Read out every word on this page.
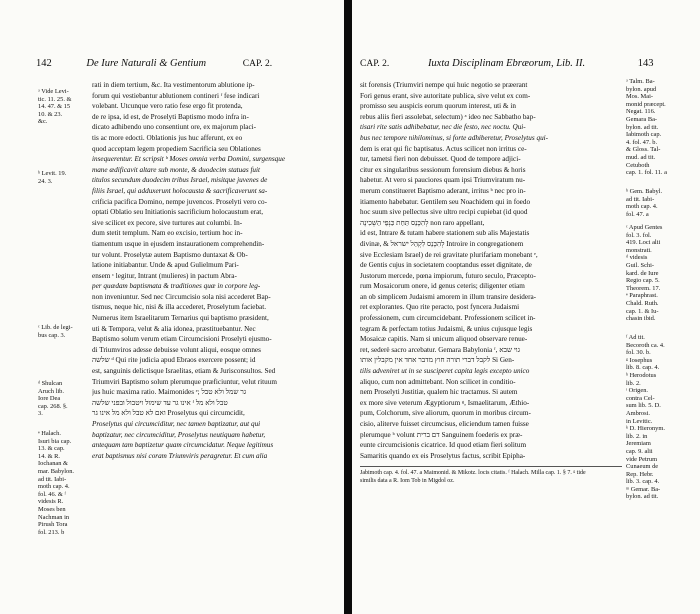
142	De Iure Naturali & Gentium	CAP. 2.
ᵃ Vide Levi-
tic. 11. 25. &
14. 47. & 15
10. & 23.
&c.
ᵇ Levit. 19.
24. 3.
ᶜ Lib. de legi-
bus cap. 3.
ᵈ Shulcan
Aruch lib.
Iore Dea
cap. 268. §.
3.
ᵉ Halach.
Isuri bia cap.
13. & cap.
14. & R.
Iochanan &
mar. Babylon.
ad tit. Iabi-
moth cap. 4.
fol. 46. & ᶠ
videsis R.
Moses ben
Nachman in
Pirush Tora
fol. 213. b
rati in diem tertium, &c. Ita vestimentorum ablutione ip-
forum qui vestiebantur ablutionem contineri ᶠ fese indicari
volebant. Utcunque vero ratio fese ergo fit protenda,
de re ipsa, id est, de Proselyti Baptismo modo infra in-
dicato adhibendo uno consentiunt ore, ex majorum placi-
tis ac more edocti. Oblationis jus huc afferunt, ex eo
quod acceptam legem propediem Sacrificia seu Oblationes
insequerentur. Et scripsit ᵇ Moses omnia verba Domini, surgensque
mane ædificavit altare sub monte, & duodecim statuas fuit
titulos secundum duodecim tribus Israel, misitque juvenes de
filiis Israel, qui adduxerunt holocausta & sacrificaverunt sa-
crificia pacifica Domino, nempe juvencos. Proselyti vero co-
optati Oblatio seu Initiationis sacrificium holocaustum erat,
sive scilicet ex pecore, sive turtures aut columbi. In-
dum stetit templum. Nam eo excisio, tertium hoc in-
tiamentum usque in ejusdem instaurationem comprehendin-
tur volunt. Proselytæ autem Baptismo duntaxat & Ob-
latione initiabantur. Unde & apud Gulielmum Pari-
ensem ᶜ legitur, Intrant (mulieres) in pactum Abra-
per quædam baptismata & traditiones quæ in corpore leg-
non inveniuntur. Sed nec Circumcisio sola nisi accederet Bap-
tismus, neque hic, nisi & illa accederet, Proselytum faciebat.
Numerus item Israelitarum Ternarius qui baptismo præsident,
uti & Tempora, velut & alia idonea, præstituebantur. Nec
Baptismo solum verum etiam Circumcisioni Proselyti ejusmo-
di Triumviros adesse debuisse volunt aliqui, eosque omnes
שלשה ᵈ Qui rite judicia apud Ebraos exercere possent; id
est, sanguinis delictisque Israelitas, etiam & Jurisconsultos. Sed
Triumviri Baptismo solum plerumque præficiuntur, velut rituum
jus huic maxima ratio. Maimonides ᵉ; גר שמל ולא טבל
אינו גר עד שימול ויטבול ובפני שלשה ᶠ טבל ולא מל
ואם לא טבל ולא מל אינו גר Proselytus qui circumcidit,
Proselytus qui circumciditur, nec tamen baptizatur, aut qui
baptizatur, nec circumciditur, Proselytus neutiquam habetur,
antequam tam baptizetur quam circumcidatur. Neque legitimus
erat baptismus nisi coram Triumviris peragretur. Et cum alia
CAP. 2.	Iuxta Disciplinam Ebræorum, Lib. II.	143
sit forensis (Triumviri nempe qui huic negotio se præerant
Fori genus erant, sive autoritate publica, sive velut ex com-
promisso seu auspicis eorum quorum interest, uti & in
rebus aliis fieri assolebat, selectum) ᵃ ideo nec Sabbatho bap-
tisari rite satis adhibebatur, nec die festo, nec noctu. Qui-
bus nec tempore nihilominus, si forte adhiberetur, Proselytus qui-
dem is erat qui fic baptisatus. Actus scilicet non irritus ce-
tur, tametsi fieri non debuisset. Quod de tempore adjici-
citur ex singularibus sessionum forensium diebus & horis
habetur. At vero si pauciores quam ipsi Triumviratum nu-
merum constitueret Baptismo aderant, irritus ᵇ nec pro in-
itiamento habebatur. Gentilem seu Noachidem qui in foedo
hoc suum sive pellectus sive ultro recipi cupiebat (id quod
לְהִכָּנֵס תַּחַת כַּנְפֵי הַשְּׁכִינָה non raro appellant,
id est, Intrare & tutam habere stationem sub alis Majestatis
divinæ, & לְהִכָּנֵס לִקְהַל ישראל Introire in congregationem
sive Ecclesiam Israel) de rei gravitate plurifariam monebant ᵉ,
de Gentis cujus in societatem cooptandus esset dignitate, de
Justorum mercede, pœna impiorum, futuro seculo, Præcepto-
rum Mosaicorum onere, id genus ceteris; diligenter etiam
an ob simplicem Judaismi amorem in illum transire desidera-
ret explorantes. Quo rite peracto, post fyncera Judaismi
professionem, cum circumcidebant. Professionem scilicet in-
tegram & perfectam totius Judaismi, & unius cujusque legis
Mosaicæ capitis. Nam si unicum aliquod observare renue-
ret, sederè sacro arcebatur. Gemara Babylonia ᶠ, גוי שבא
לקבל דברי תורה חוץ מדבר אחד אין מקבלין אותו Si Gen-
tilis adveniret ut in se susciperet capita legis excepto unico
aliquo, cum non admittebant. Non scilicet in conditio-
nem Proselyti Justitiæ, qualem hic tractamus. Si autem
ex more sive veterum Ægyptiorum ᵍ, Ismaelitarum, Æthio-
pum, Colchorum, sive aliorum, quorum in moribus circum-
cisio, aliterve fuisset circumcisus, eliciendum tamen fuisse
plerumque ᵇ volunt דם ברית Sanguinem foederis ex præ-
eunte circumcisionis cicatrice. Id quod etiam fieri solitum
Samaritis quando ex eis Proselytus factus, scribit Epipha-
ᵃ Talm. Ba-
bylon. apud
Mos. Mai-
monid præcept.
Negat. 116.
Gemara Ba-
bylon. ad tit.
Iabimoth cap.
4. fol. 47. b.
& Gloss. Tal-
mud. ad tit.
Cetuboth
cap. 1. fol. 11. a
ᵇ Gem. Babyl.
ad tit. Iabi-
moth cap. 4.
fol. 47. a
ᶜ Apud Gentes
fol. 3. fol.
419. Loci alii
monstrati.
ᵈ videsis
Guil. Schi-
kard. de Iure
Regio cap. 5.
Theorem. 17.
ᵉ Paraphrast.
Chald. Ruth.
cap. 1. & Iu-
chasin ibid.
ᶠ Ad tit.
Becoroth ca. 4.
fol. 30. b.
ᵍ Iosephus
lib. 8. cap. 4.
ᵇ Herodotus
lib. 2.
ᶦ Origen.
contra Cel-
sum lib. 5. D.
Ambrosi.
in Levitic.
ᵏ D. Hieronym.
lib. 2. in
Jeremiam
cap. 9. alii
vide Petrum
Cunaeum de
Rep. Hebr.
lib. 3. cap. 4.
ᵐ Gemar. Ba-
bylon. ad tit.
Jabimoth cap. 4. fol. 47. a Maimonid. & Mikotz. locis citatis. ᶠ Halach. Milla cap. 1. § 7. ᵍ tide
similis data a R. Iom Tob in Migdol oz.
